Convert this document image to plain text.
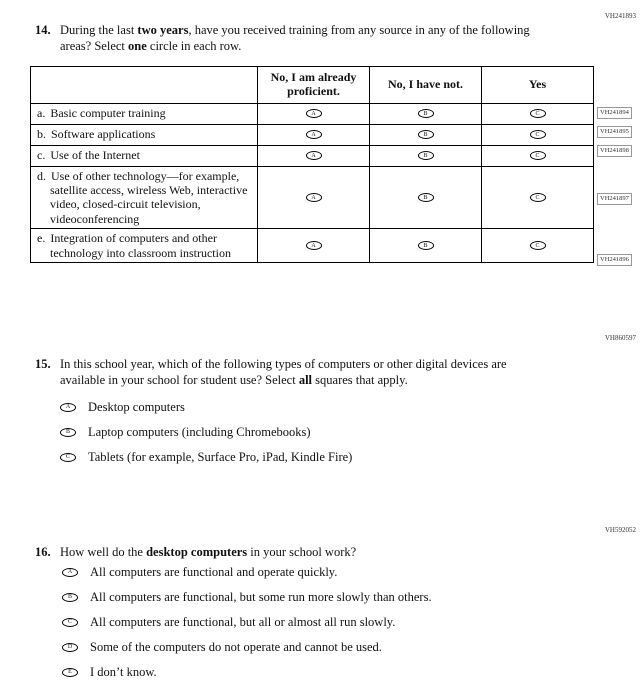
VH241893
14. During the last two years, have you received training from any source in any of the following areas? Select one circle in each row.
	No, I am already proficient.	No, I have not.	Yes
a. Basic computer training	A	B	C
b. Software applications	A	B	C
c. Use of the Internet	A	B	C
d. Use of other technology—for example, satellite access, wireless Web, interactive video, closed-circuit television, videoconferencing	A	B	C
e. Integration of computers and other technology into classroom instruction	A	B	C
VH241894
VH241895
VH241898
VH241897
VH241896
VH860597
15. In this school year, which of the following types of computers or other digital devices are available in your school for student use? Select all squares that apply.
A	Desktop computers
B	Laptop computers (including Chromebooks)
C	Tablets (for example, Surface Pro, iPad, Kindle Fire)
VH592052
16. How well do the desktop computers in your school work?
A	All computers are functional and operate quickly.
B	All computers are functional, but some run more slowly than others.
C	All computers are functional, but all or almost all run slowly.
D	Some of the computers do not operate and cannot be used.
E	I don’t know.
